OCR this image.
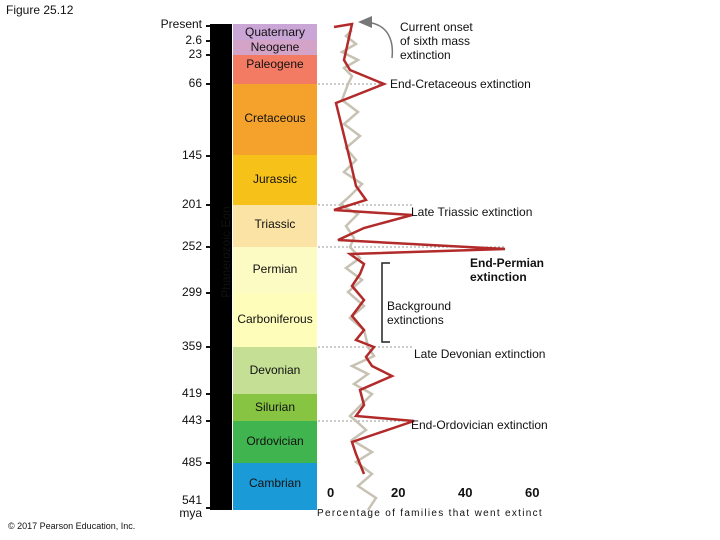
Figure 25.12
Present
2.6
23
66
145
201
252
299
359
419
443
485
541
mya
Phanerozoic Eon
Quaternary
Neogene
Paleogene
Cretaceous
Jurassic
Triassic
Permian
Carboniferous
Devonian
Silurian
Ordovician
Cambrian
Current onset
of sixth mass
extinction
End-Cretaceous extinction
Late Triassic extinction
End-Permian
extinction
Background
extinctions
Late Devonian extinction
End-Ordovician extinction
0	20	40	60
Percentage of families that went extinct
© 2017 Pearson Education, Inc.
